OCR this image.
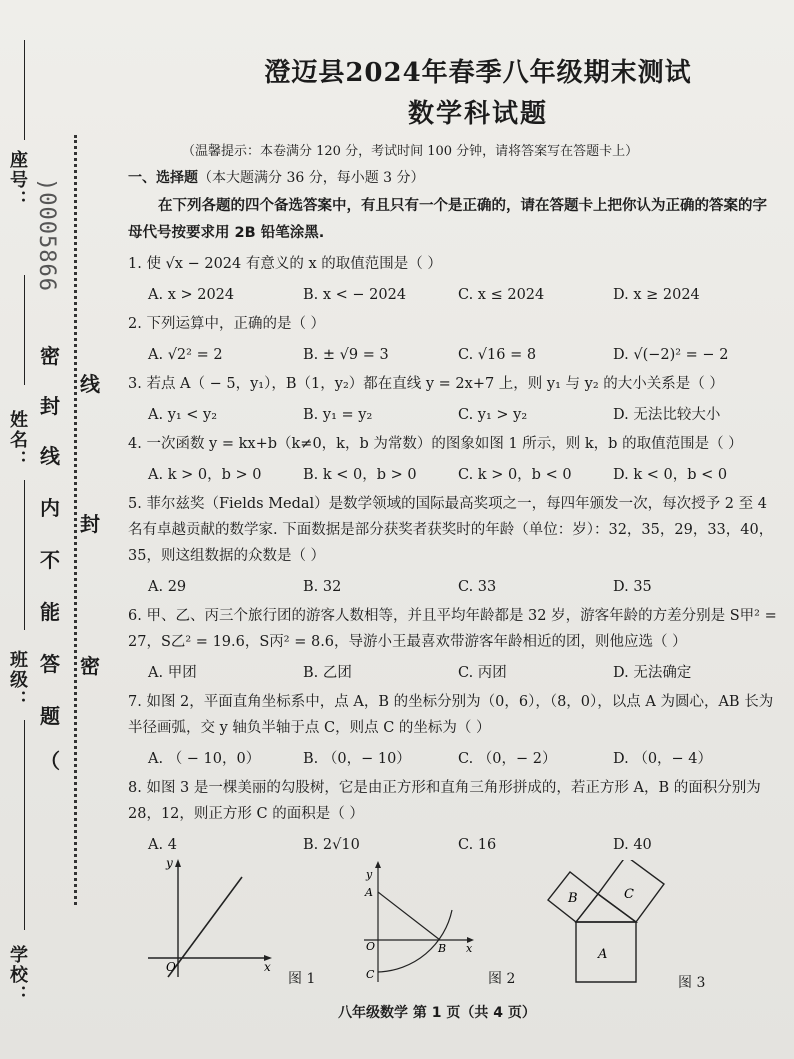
座号： )0005866
姓名：
班级：
学校：
密
封
线
内
不
能
答
题
（
线
封
密
澄迈县2024年春季八年级期末测试
数学科试题
（温馨提示：本卷满分 120 分，考试时间 100 分钟，请将答案写在答题卡上）
一、选择题（本大题满分 36 分，每小题 3 分）
在下列各题的四个备选答案中，有且只有一个是正确的，请在答题卡上把你认为正确的答案的字母代号按要求用 2B 铅笔涂黑.
1. 使 √x − 2024 有意义的 x 的取值范围是（ ）
A. x > 2024	B. x < − 2024	C. x ≤ 2024	D. x ≥ 2024
2. 下列运算中，正确的是（ ）
A. √2² = 2	B. ± √9 = 3	C. √16 = 8	D. √(−2)² = − 2
3. 若点 A（ − 5，y₁），B（1，y₂）都在直线 y = 2x+7 上，则 y₁ 与 y₂ 的大小关系是（ ）
A. y₁ < y₂	B. y₁ = y₂	C. y₁ > y₂	D. 无法比较大小
4. 一次函数 y = kx+b（k≠0，k，b 为常数）的图象如图 1 所示，则 k，b 的取值范围是（ ）
A. k > 0，b > 0	B. k < 0，b > 0	C. k > 0，b < 0	D. k < 0，b < 0
5. 菲尔兹奖（Fields Medal）是数学领域的国际最高奖项之一，每四年颁发一次，每次授予 2 至 4 名有卓越贡献的数学家. 下面数据是部分获奖者获奖时的年龄（单位：岁）：32，35，29，33，40，35，则这组数据的众数是（ ）
A. 29	B. 32	C. 33	D. 35
6. 甲、乙、丙三个旅行团的游客人数相等，并且平均年龄都是 32 岁，游客年龄的方差分别是 S甲² = 27，S乙² = 19.6，S丙² = 8.6，导游小王最喜欢带游客年龄相近的团，则他应选（ ）
A. 甲团	B. 乙团	C. 丙团	D. 无法确定
7. 如图 2，平面直角坐标系中，点 A，B 的坐标分别为（0，6），（8，0），以点 A 为圆心，AB 长为半径画弧，交 y 轴负半轴于点 C，则点 C 的坐标为（ ）
A. （ − 10，0）	B. （0，− 10）	C. （0，− 2）	D. （0，− 4）
8. 如图 3 是一棵美丽的勾股树，它是由正方形和直角三角形拼成的，若正方形 A，B 的面积分别为 28，12，则正方形 C 的面积是（ ）
A. 4	B. 2√10	C. 16	D. 40
y
x
O
图 1
y
x
A
O	B
C	图 2
A
B	C
图 3
八年级数学 第 1 页（共 4 页）
